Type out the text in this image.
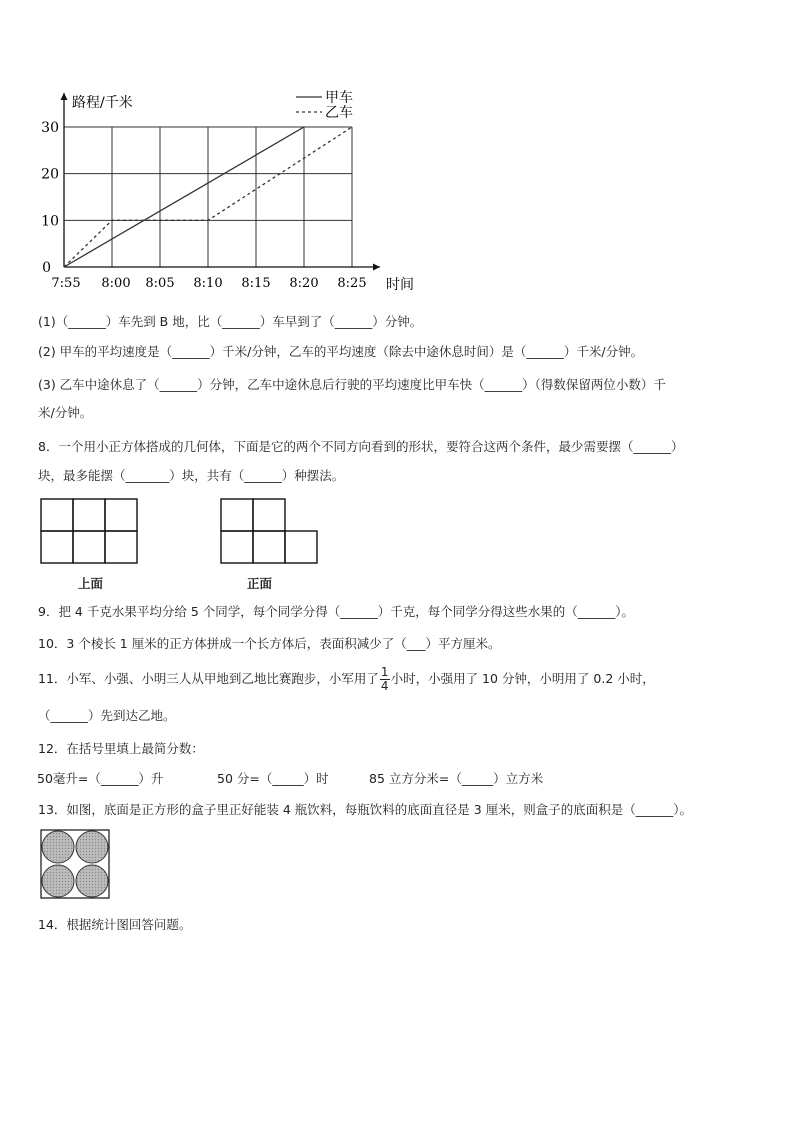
0
10
20
30
7:55 8:00 8:05 8:10 8:15 8:20 8:25
路程/千米
时间
甲车
乙车
(1)（______）车先到 B 地，比（______）车早到了（______）分钟。
(2) 甲车的平均速度是（______）千米/分钟，乙车的平均速度（除去中途休息时间）是（______）千米/分钟。
(3) 乙车中途休息了（______）分钟，乙车中途休息后行驶的平均速度比甲车快（______）（得数保留两位小数）千
米/分钟。
8．一个用小正方体搭成的几何体，下面是它的两个不同方向看到的形状，要符合这两个条件，最少需要摆（______）
块，最多能摆（_______）块，共有（______）种摆法。
上面	正面
9．把 4 千克水果平均分给 5 个同学，每个同学分得（______）千克，每个同学分得这些水果的（______）。
10．3 个棱长 1 厘米的正方体拼成一个长方体后，表面积减少了（___）平方厘米。
11．小军、小强、小明三人从甲地到乙地比赛跑步，小军用了 $\frac{1}{4}$ 小时，小强用了 10 分钟，小明用了 0.2 小时，
（______）先到达乙地。
12．在括号里填上最简分数：
50毫升=（______）升	50 分=（_____）时	85 立方分米=（_____）立方米
13．如图，底面是正方形的盒子里正好能装 4 瓶饮料，每瓶饮料的底面直径是 3 厘米，则盒子的底面积是（______）。
14．根据统计图回答问题。
